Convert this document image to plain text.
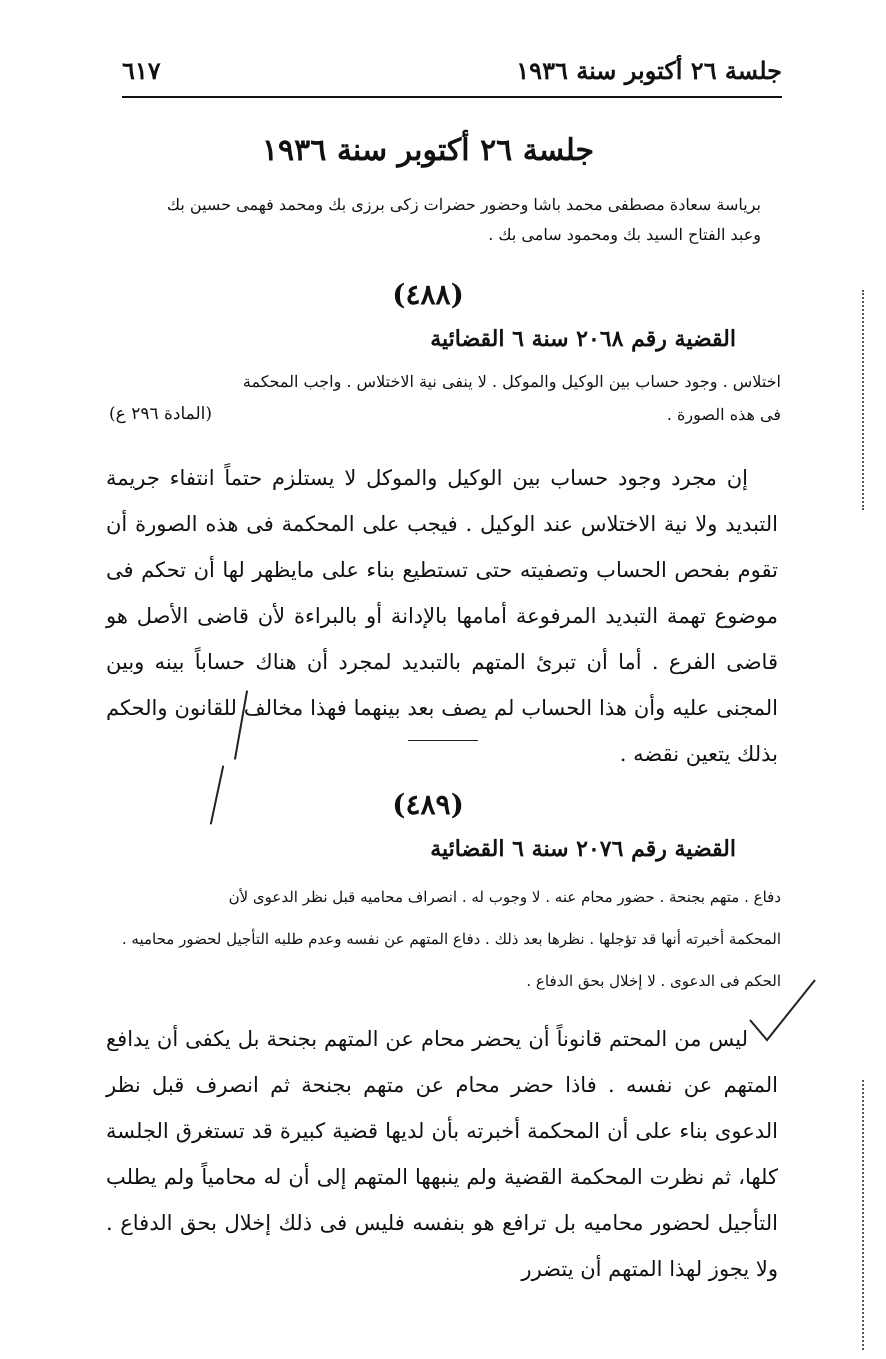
جلسة ٢٦ أكتوبر سنة ١٩٣٦
٦١٧
جلسة ٢٦ أكتوبر سنة ١٩٣٦

برياسة سعادة مصطفى محمد باشا وحضور حضرات زكى برزى بك ومحمد فهمى حسين بك

وعبد الفتاح السيد بك ومحمود سامى بك .

(٤٨٨)
القضية رقم ٢٠٦٨ سنة ٦ القضائية

اختلاس . وجود حساب بين الوكيل والموكل . لا ينفى نية الاختلاس . واجب المحكمة

فى هذه الصورة .
(المادة ٢٩٦ ع)

إن مجرد وجود حساب بين الوكيل والموكل لا يستلزم حتماً انتفاء جريمة التبديد ولا نية الاختلاس عند الوكيل . فيجب على المحكمة فى هذه الصورة أن تقوم بفحص الحساب وتصفيته حتى تستطيع بناء على مايظهر لها أن تحكم فى موضوع تهمة التبديد المرفوعة أمامها بالإدانة أو بالبراءة لأن قاضى الأصل هو قاضى الفرع . أما أن تبرئ المتهم بالتبديد لمجرد أن هناك حساباً بينه وبين المجنى عليه وأن هذا الحساب لم يصف بعد بينهما فهذا مخالف للقانون والحكم بذلك يتعين نقضه .

(٤٨٩)
القضية رقم ٢٠٧٦ سنة ٦ القضائية

دفاع . متهم بجنحة . حضور محام عنه . لا وجوب له . انصراف محاميه قبل نظر الدعوى لأن

المحكمة أخبرته أنها قد تؤجلها . نظرها بعد ذلك . دفاع المتهم عن نفسه وعدم طلبه التأجيل لحضور محاميه .

الحكم فى الدعوى . لا إخلال بحق الدفاع .

ليس من المحتم قانوناً أن يحضر محام عن المتهم بجنحة بل يكفى أن يدافع المتهم عن نفسه . فاذا حضر محام عن متهم بجنحة ثم انصرف قبل نظر الدعوى بناء على أن المحكمة أخبرته بأن لديها قضية كبيرة قد تستغرق الجلسة كلها، ثم نظرت المحكمة القضية ولم ينبهها المتهم إلى أن له محامياً ولم يطلب التأجيل لحضور محاميه بل ترافع هو بنفسه فليس فى ذلك إخلال بحق الدفاع . ولا يجوز لهذا المتهم أن يتضرر
